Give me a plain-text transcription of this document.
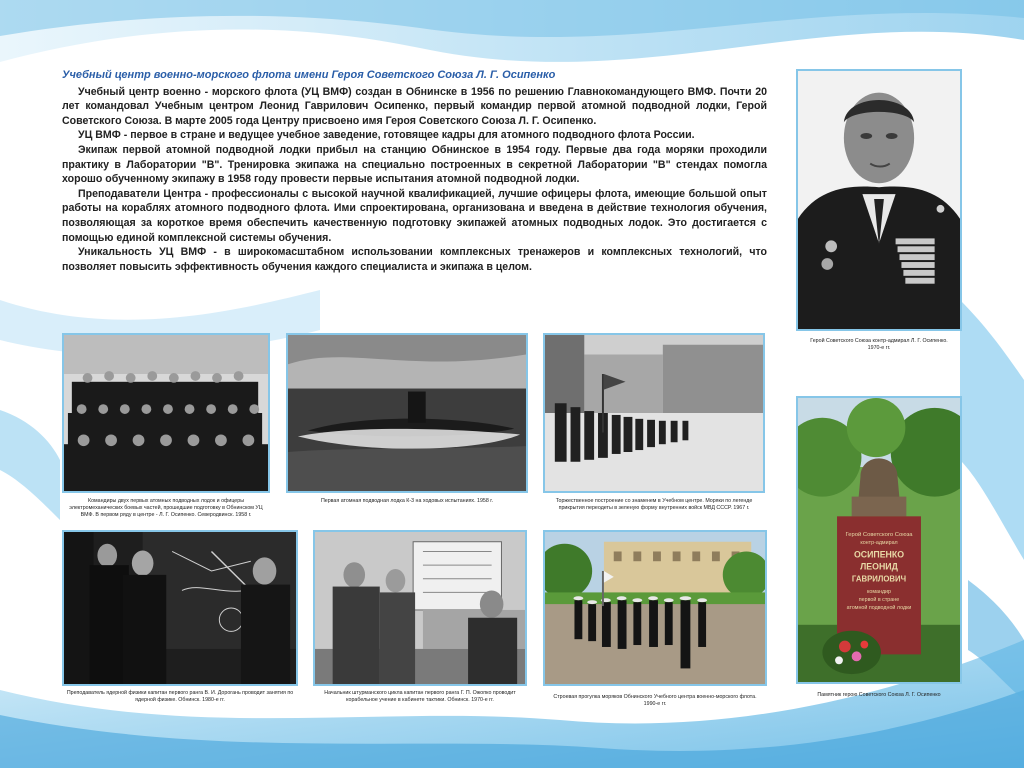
Учебный центр военно-морского флота имени Героя Советского Союза Л. Г. Осипенко

Учебный центр военно - морского флота (УЦ ВМФ) создан в Обнинске в 1956 по решению Главнокомандующего ВМФ. Почти 20 лет командовал Учебным центром Леонид Гаврилович Осипенко, первый командир первой атомной подводной лодки, Герой Советского Союза. В марте 2005 года Центру присвоено имя Героя Советского Союза Л. Г. Осипенко.

УЦ ВМФ - первое в стране и ведущее учебное заведение, готовящее кадры для атомного подводного флота России.

Экипаж первой атомной подводной лодки прибыл на станцию Обнинское в 1954 году. Первые два года моряки проходили практику в Лаборатории "В". Тренировка экипажа на специально построенных в секретной Лаборатории "В" стендах помогла хорошо обученному экипажу в 1958 году провести первые испытания атомной подводной лодки.

Преподаватели Центра - профессионалы с высокой научной квалификацией, лучшие офицеры флота, имеющие большой опыт работы на кораблях атомного подводного флота. Ими спроектирована, организована и введена в действие технология обучения, позволяющая за короткое время обеспечить качественную подготовку экипажей атомных подводных лодок. Это достигается с помощью единой комплексной системы обучения.

Уникальность УЦ ВМФ - в широкомасштабном использовании комплексных тренажеров и комплексных технологий, что позволяет повысить эффективность обучения каждого специалиста и экипажа в целом.

Герой Советского Союза контр-адмирал Л. Г. Осипенко. 1970-е гг.
Герой Советского Союза
контр-адмирал
ОСИПЕНКО
ЛЕОНИД
ГАВРИЛОВИЧ
командир
первой в стране
атомной подводной лодки
Памятник герою Советского Союза Л. Г. Осипенко
Командиры двух первых атомных подводных лодок и офицеры электромеханических боевых частей, прошедшие подготовку в Обнинском УЦ ВМФ. В первом ряду в центре - Л. Г. Осипенко. Северодвинск. 1958 г.
Первая атомная подводная лодка К-3 на ходовых испытаниях. 1958 г.	Торжественное построение со знаменем в Учебном центре. Моряки по легенде прикрытия переодеты в зеленую форму внутренних войск МВД СССР. 1967 г.
Преподаватель ядерной физики капитан первого ранга В. И. Дорогань проводит занятия по ядерной физике. Обнинск. 1980-е гг.
Начальник штурманского цикла капитан первого ранга Г. П. Ожопко проводит корабельное учение в кабинете тактики. Обнинск. 1970-е гг.	Строевая прогулка моряков Обнинского Учебного центра военно-морского флота. 1990-е гг.
